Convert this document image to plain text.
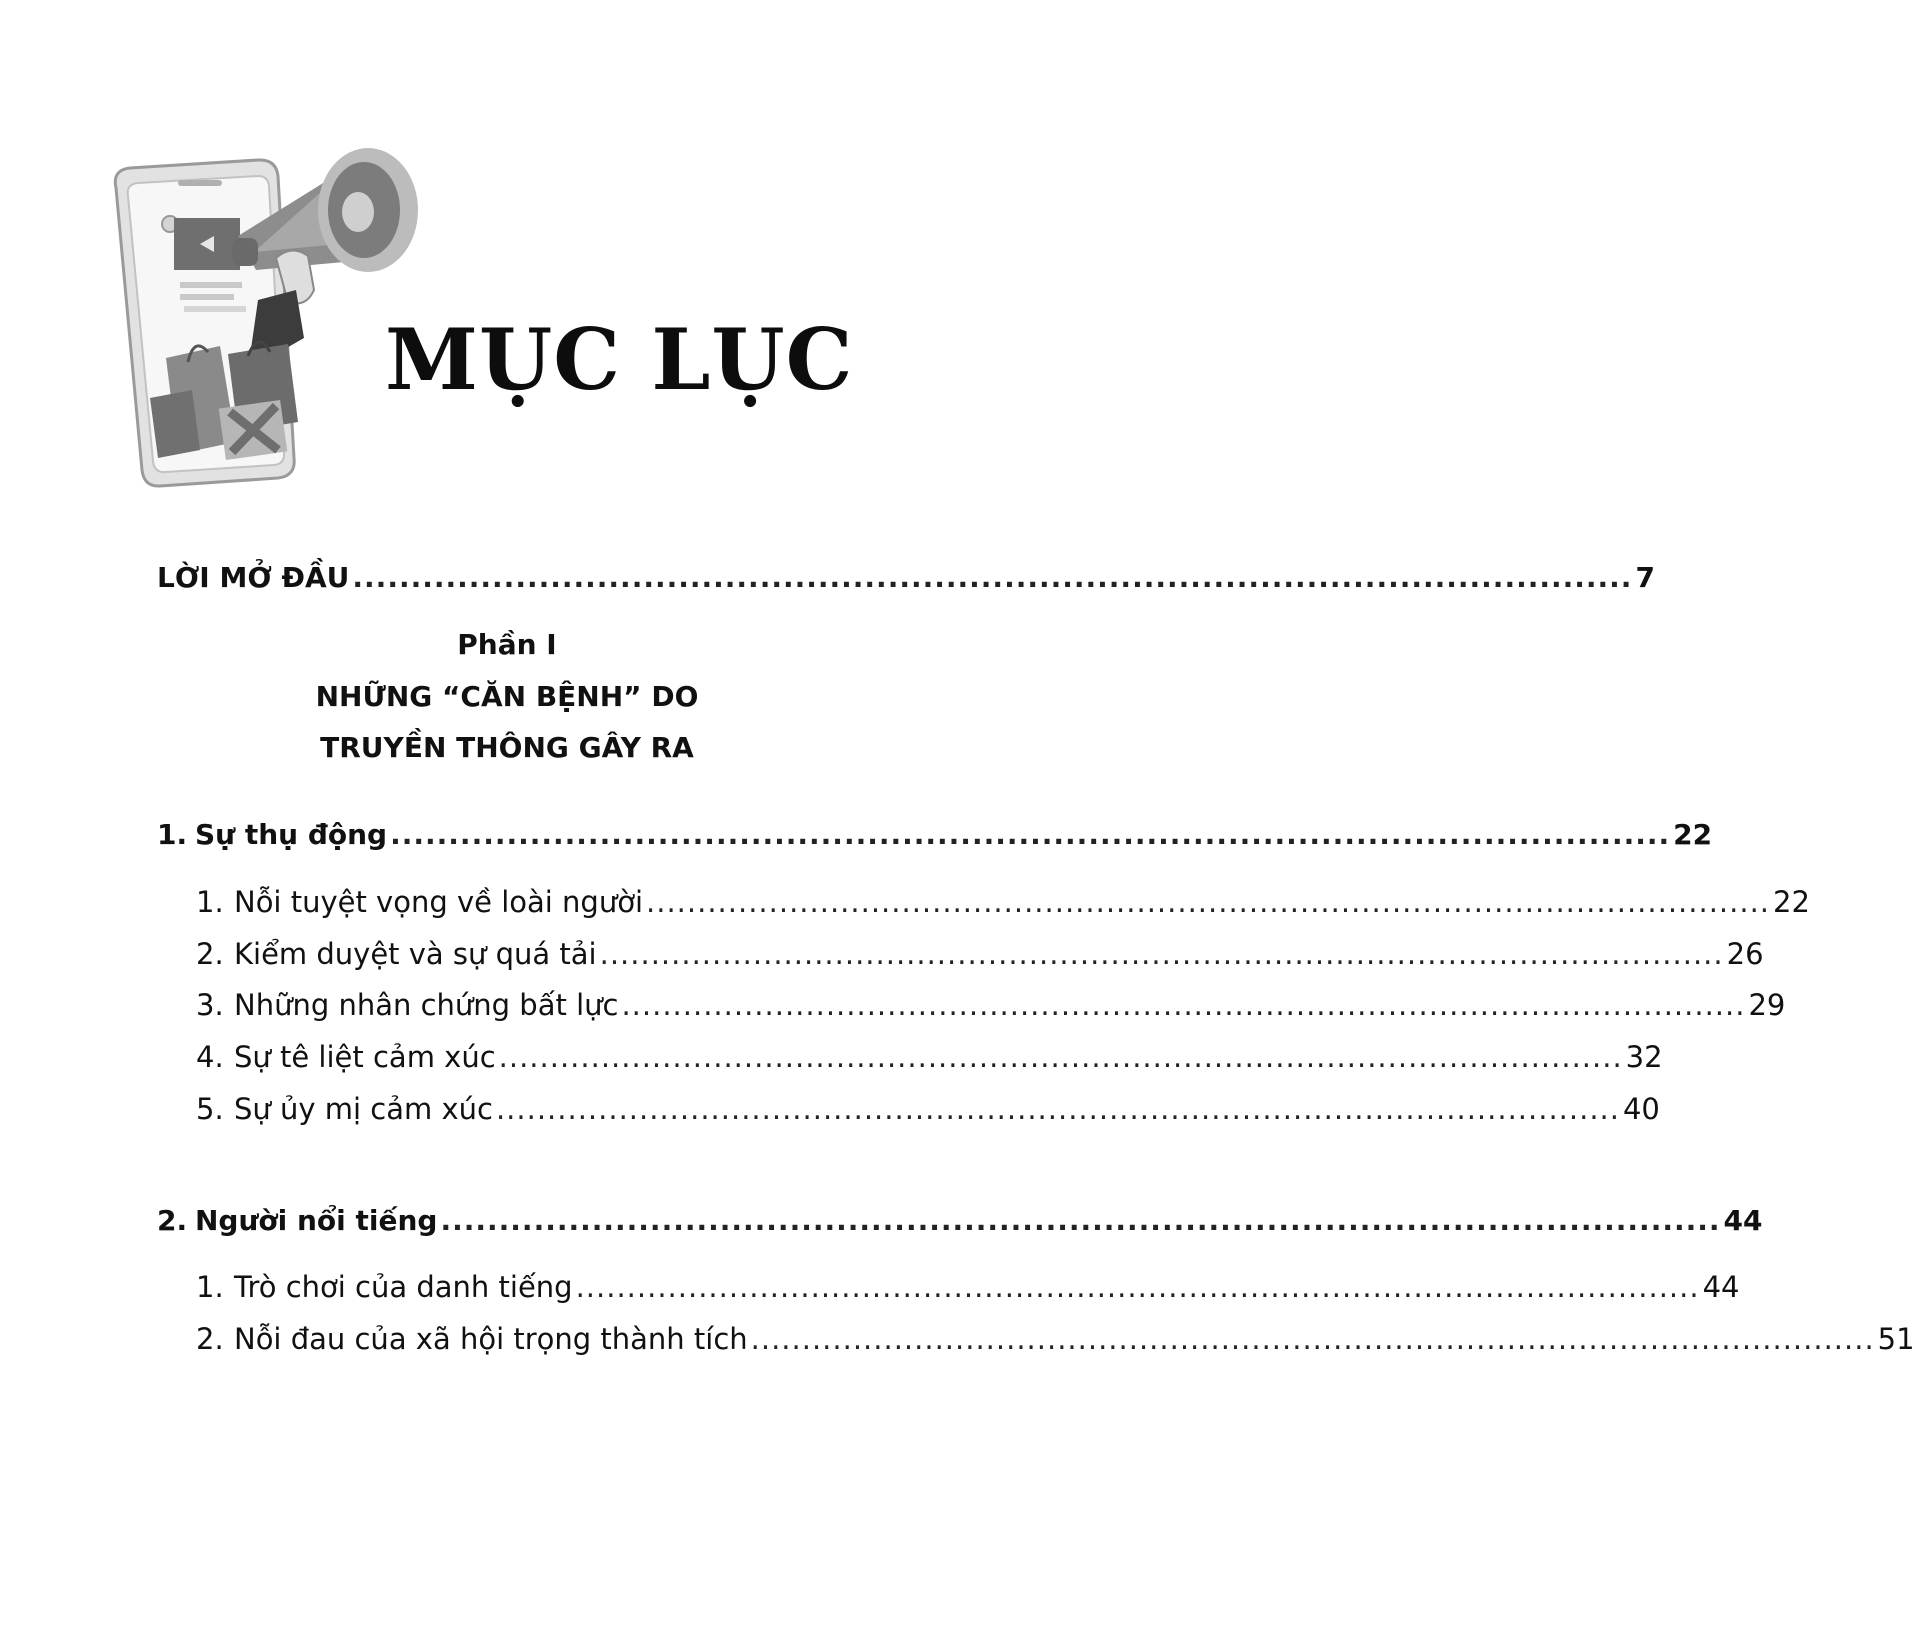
MỤC LỤC
LỜI MỞ ĐẦU .............................................................................................................. 7
Phần I
NHỮNG “CĂN BỆNH” DO
TRUYỀN THÔNG GÂY RA
1. Sự thụ động .............................................................................................................. 22
1. Nỗi tuyệt vọng về loài người .............................................................................................................. 22
2. Kiểm duyệt và sự quá tải .............................................................................................................. 26
3. Những nhân chứng bất lực .............................................................................................................. 29
4. Sự tê liệt cảm xúc .............................................................................................................. 32
5. Sự ủy mị cảm xúc .............................................................................................................. 40
2. Người nổi tiếng .............................................................................................................. 44
1. Trò chơi của danh tiếng .............................................................................................................. 44
2. Nỗi đau của xã hội trọng thành tích .............................................................................................................. 51
